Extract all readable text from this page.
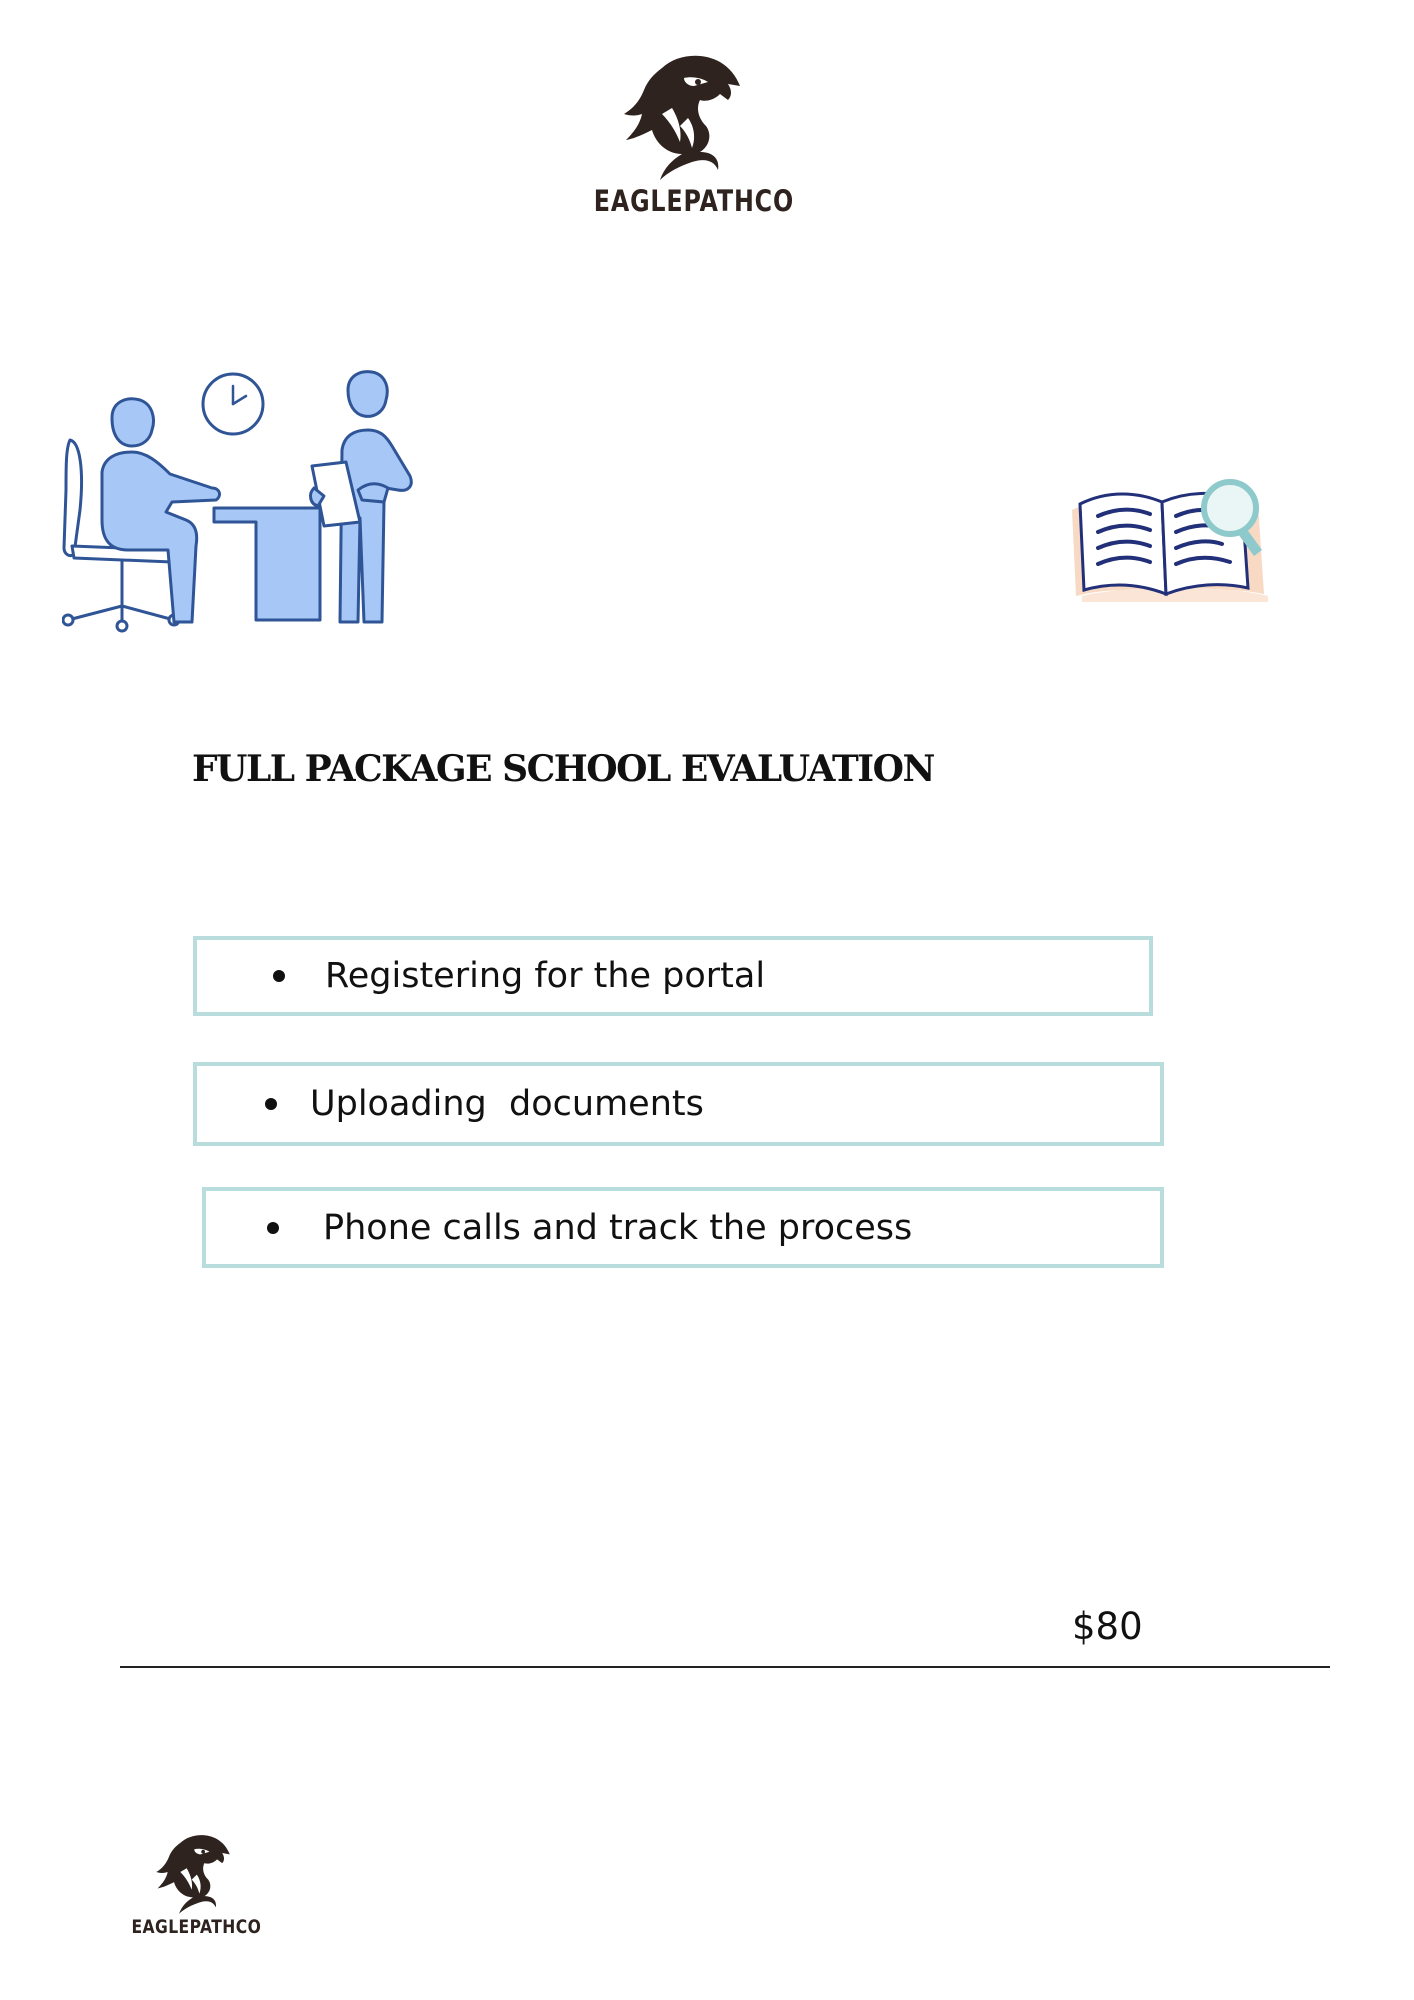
EAGLEPATHCO
FULL PACKAGE SCHOOL EVALUATION
Registering for the portal
Uploading  documents
Phone calls and track the process
$80
EAGLEPATHCO
